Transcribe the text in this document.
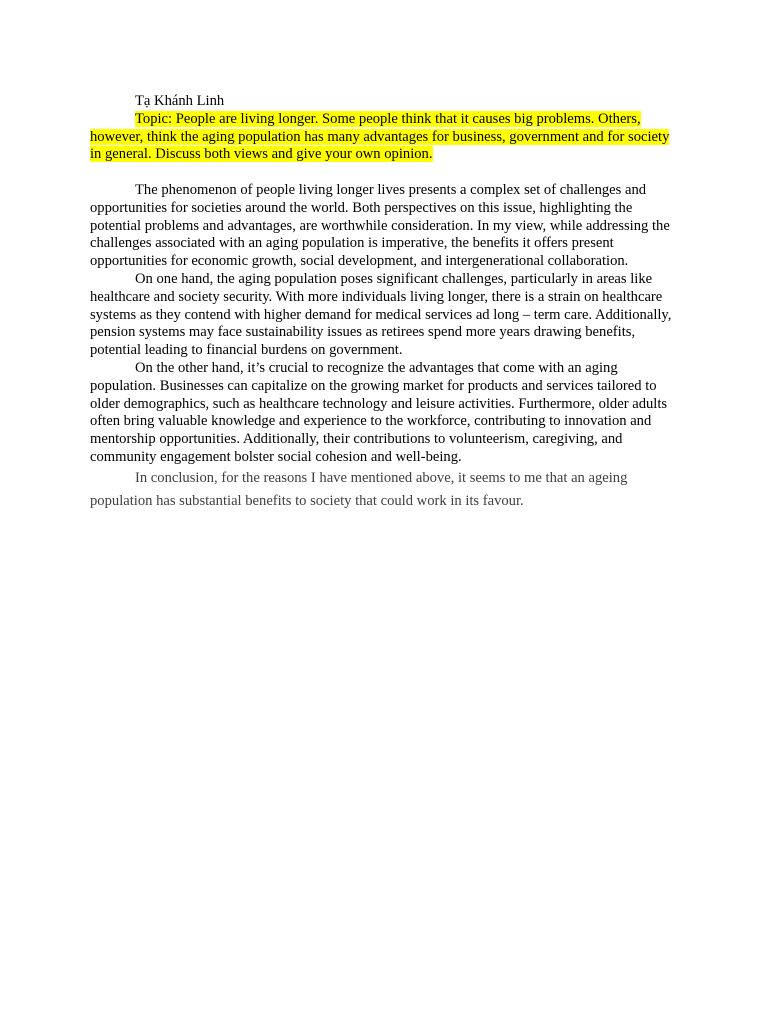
Tạ Khánh Linh

Topic: People are living longer. Some people think that it causes big problems. Others, however, think the aging population has many advantages for business, government and for society in general. Discuss both views and give your own opinion.

The phenomenon of people living longer lives presents a complex set of challenges and opportunities for societies around the world. Both perspectives on this issue, highlighting the potential problems and advantages, are worthwhile consideration. In my view, while addressing the challenges associated with an aging population is imperative, the benefits it offers present opportunities for economic growth, social development, and intergenerational collaboration.

On one hand, the aging population poses significant challenges, particularly in areas like healthcare and society security. With more individuals living longer, there is a strain on healthcare systems as they contend with higher demand for medical services ad long – term care. Additionally, pension systems may face sustainability issues as retirees spend more years drawing benefits, potential leading to financial burdens on government.

On the other hand, it’s crucial to recognize the advantages that come with an aging population. Businesses can capitalize on the growing market for products and services tailored to older demographics, such as healthcare technology and leisure activities. Furthermore, older adults often bring valuable knowledge and experience to the workforce, contributing to innovation and mentorship opportunities. Additionally, their contributions to volunteerism, caregiving, and community engagement bolster social cohesion and well-being.

In conclusion, for the reasons I have mentioned above, it seems to me that an ageing population has substantial benefits to society that could work in its favour.
